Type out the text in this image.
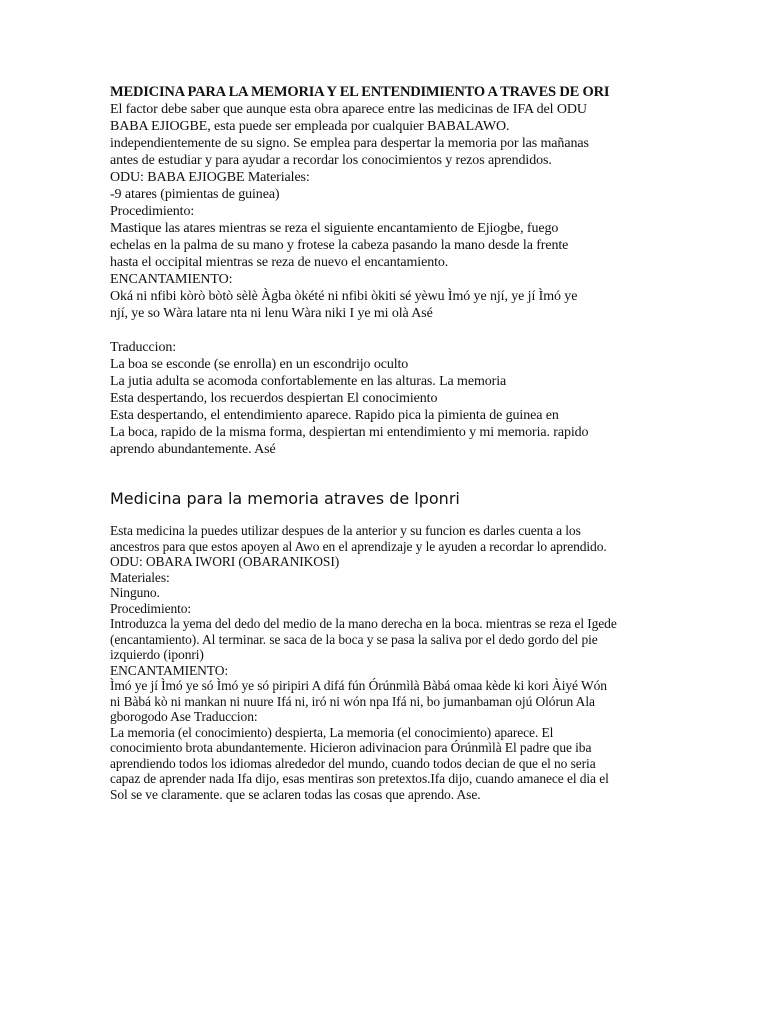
MEDICINA PARA LA MEMORIA Y EL ENTENDIMIENTO A TRAVES DE ORI

El factor debe saber que aunque esta obra aparece entre las medicinas de IFA del ODU

BABA EJIOGBE, esta puede ser empleada por cualquier BABALAWO.

independientemente de su signo. Se emplea para despertar la memoria por las mañanas

antes de estudiar y para ayudar a recordar los conocimientos y rezos aprendidos.

ODU: BABA EJIOGBE Materiales:

-9 atares (pimientas de guinea)

Procedimiento:

Mastique las atares mientras se reza el siguiente encantamiento de Ejiogbe, fuego

echelas en la palma de su mano y frotese la cabeza pasando la mano desde la frente

hasta el occipital mientras se reza de nuevo el encantamiento.

ENCANTAMIENTO:

Oká ni nfibi kòrò bòtò sèlè Àgba òkété ni nfibi òkiti sé yèwu Ìmó ye njí, ye jí Ìmó ye

njí, ye so Wàra latare nta ni lenu Wàra niki I ye mi olà Asé

Traduccion:

La boa se esconde (se enrolla) en un escondrijo oculto

La jutia adulta se acomoda confortablemente en las alturas. La memoria

Esta despertando, los recuerdos despiertan El conocimiento

Esta despertando, el entendimiento aparece. Rapido pica la pimienta de guinea en

La boca, rapido de la misma forma, despiertan mi entendimiento y mi memoria. rapido

aprendo abundantemente. Asé

Medicina para la memoria atraves de lponri

Esta medicina la puedes utilizar despues de la anterior y su funcion es darles cuenta a los

ancestros para que estos apoyen al Awo en el aprendizaje y le ayuden a recordar lo aprendido.

ODU: OBARA IWORI (OBARANIKOSI)

Materiales:

Ninguno.

Procedimiento:

Introduzca la yema del dedo del medio de la mano derecha en la boca. mientras se reza el Igede

(encantamiento). Al terminar. se saca de la boca y se pasa la saliva por el dedo gordo del pie

izquierdo (iponri)

ENCANTAMIENTO:

Ìmó ye jí Ìmó ye só Ìmó ye só piripiri A difá fún Órúnmìlà Bàbá omaa kède ki kori Àiyé Wón

ni Bàbá kò ni mankan ni nuure Ifá ni, iró ni wón npa Ifá ni, bo jumanbaman ojú Olórun Ala

gborogodo Ase Traduccion:

La memoria (el conocimiento) despierta, La memoria (el conocimiento) aparece. El

conocimiento brota abundantemente. Hicieron adivinacion para Órúnmìlà El padre que iba

aprendiendo todos los idiomas alrededor del mundo, cuando todos decian de que el no seria

capaz de aprender nada Ifa dijo, esas mentiras son pretextos.Ifa dijo, cuando amanece el dia el

Sol se ve claramente. que se aclaren todas las cosas que aprendo. Ase.
